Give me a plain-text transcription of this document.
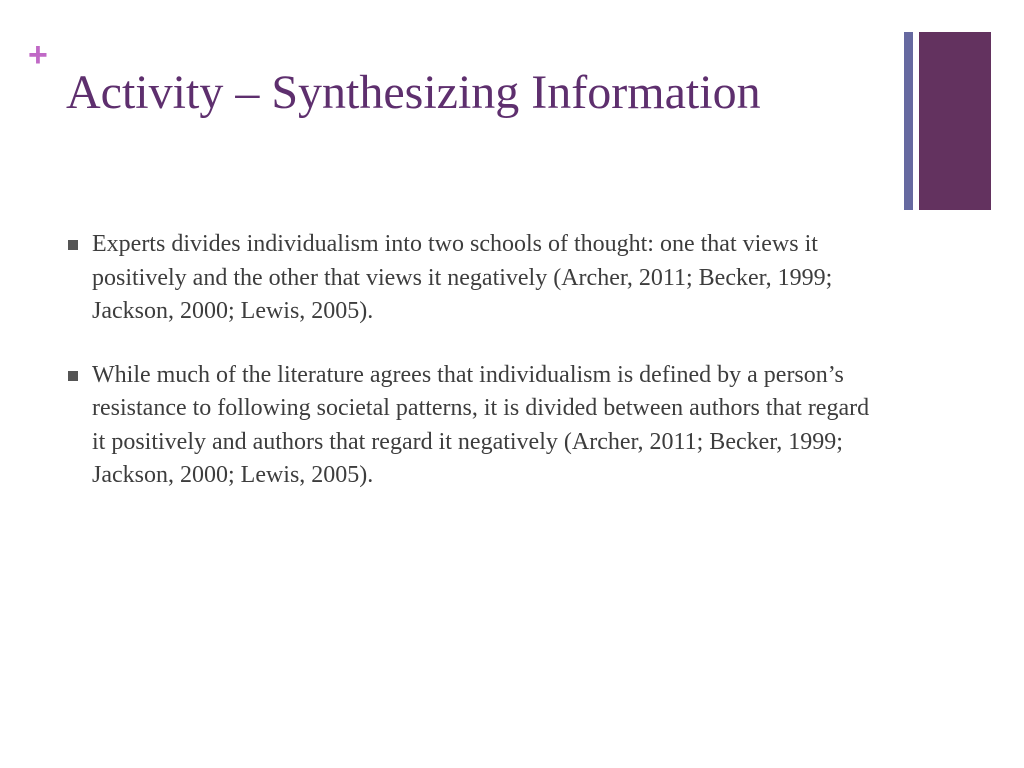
+
Activity – Synthesizing Information
Experts divides individualism into two schools of thought: one that views it positively and the other that views it negatively (Archer, 2011; Becker, 1999; Jackson, 2000; Lewis, 2005).
While much of the literature agrees that individualism is defined by a person’s resistance to following societal patterns, it is divided between authors that regard it positively and authors that regard it negatively (Archer, 2011; Becker, 1999; Jackson, 2000; Lewis, 2005).
